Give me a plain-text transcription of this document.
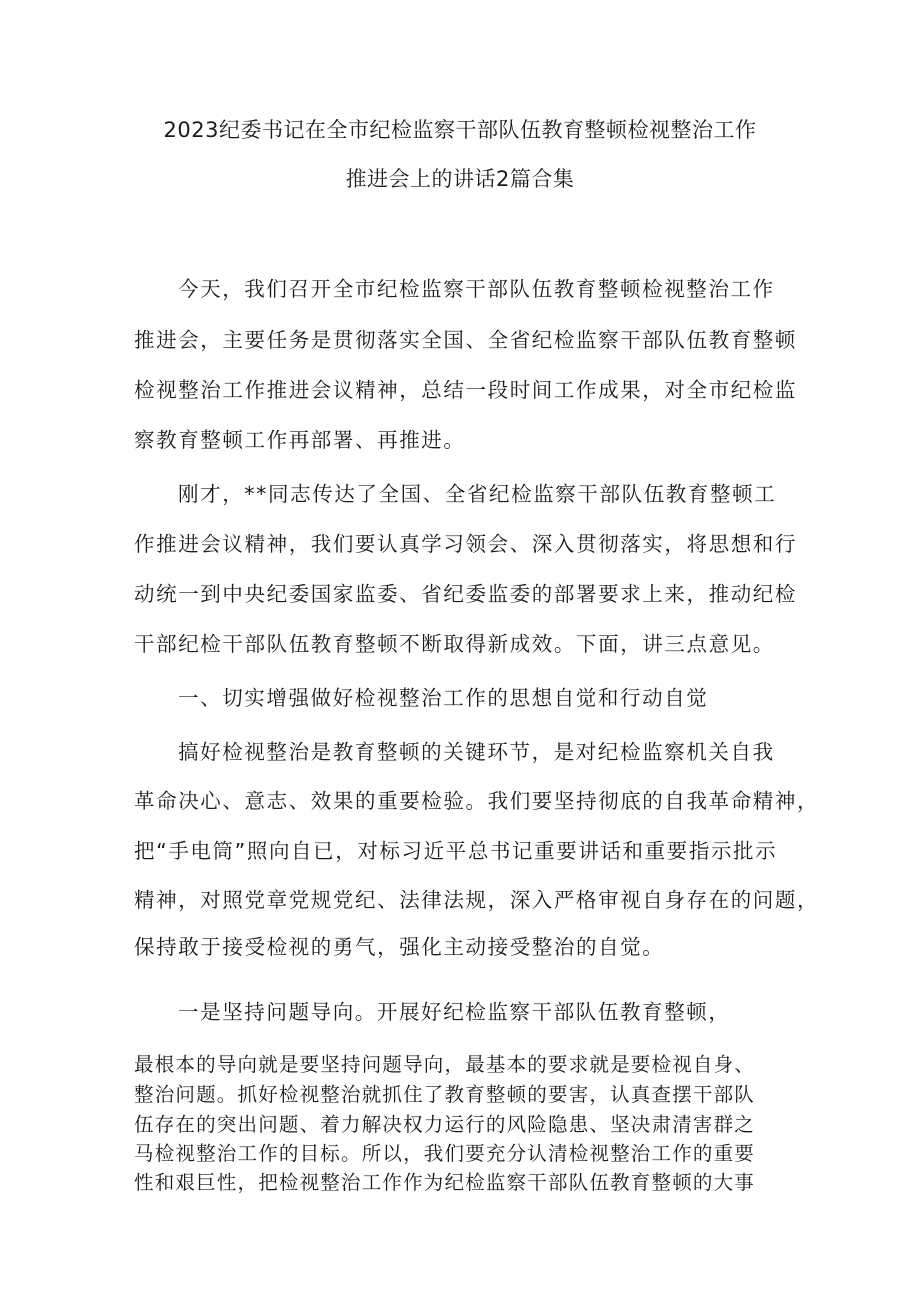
2023纪委书记在全市纪检监察干部队伍教育整顿检视整治工作
推进会上的讲话2篇合集
今天，我们召开全市纪检监察干部队伍教育整顿检视整治工作
推进会，主要任务是贯彻落实全国、全省纪检监察干部队伍教育整顿
检视整治工作推进会议精神，总结一段时间工作成果，对全市纪检监
察教育整顿工作再部署、再推进。
刚才，**同志传达了全国、全省纪检监察干部队伍教育整顿工
作推进会议精神，我们要认真学习领会、深入贯彻落实，将思想和行
动统一到中央纪委国家监委、省纪委监委的部署要求上来，推动纪检
干部纪检干部队伍教育整顿不断取得新成效。下面，讲三点意见。
一、切实增强做好检视整治工作的思想自觉和行动自觉
搞好检视整治是教育整顿的关键环节，是对纪检监察机关自我
革命决心、意志、效果的重要检验。我们要坚持彻底的自我革命精神，
把“手电筒”照向自已，对标习近平总书记重要讲话和重要指示批示
精神，对照党章党规党纪、法律法规，深入严格审视自身存在的问题，
保持敢于接受检视的勇气，强化主动接受整治的自觉。
一是坚持问题导向。开展好纪检监察干部队伍教育整顿，
最根本的导向就是要坚持问题导向，最基本的要求就是要检视自身、
整治问题。抓好检视整治就抓住了教育整顿的要害，认真查摆干部队
伍存在的突出问题、着力解决权力运行的风险隐患、坚决肃清害群之
马检视整治工作的目标。所以，我们要充分认清检视整治工作的重要
性和艰巨性，把检视整治工作作为纪检监察干部队伍教育整顿的大事
